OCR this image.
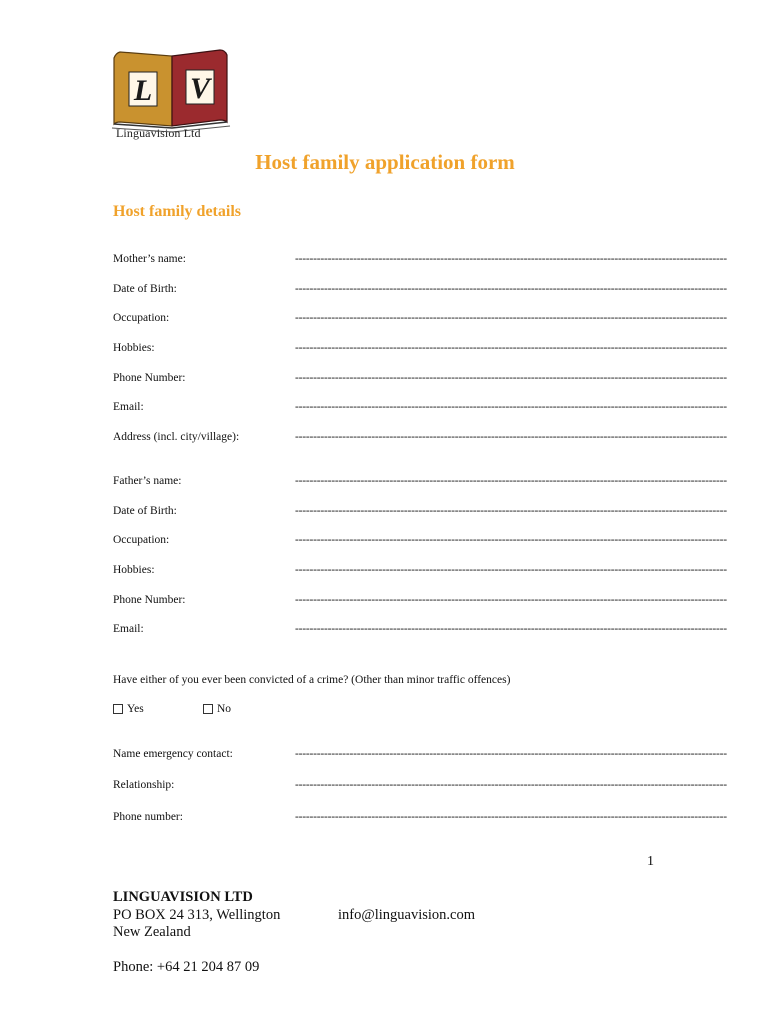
L V
Linguavision Ltd
Host family application form
Host family details
Mother’s name:	-----------------------------------------------------------------------------------------------------------------------
Date of Birth:	-----------------------------------------------------------------------------------------------------------------------
Occupation:	-----------------------------------------------------------------------------------------------------------------------
Hobbies:	-----------------------------------------------------------------------------------------------------------------------
Phone Number:	-----------------------------------------------------------------------------------------------------------------------
Email:	-----------------------------------------------------------------------------------------------------------------------
Address (incl. city/village):	-----------------------------------------------------------------------------------------------------------------------
Father’s name:	-----------------------------------------------------------------------------------------------------------------------
Date of Birth:	-----------------------------------------------------------------------------------------------------------------------
Occupation:	-----------------------------------------------------------------------------------------------------------------------
Hobbies:	-----------------------------------------------------------------------------------------------------------------------
Phone Number:	-----------------------------------------------------------------------------------------------------------------------
Email:	-----------------------------------------------------------------------------------------------------------------------
Have either of you ever been convicted of a crime? (Other than minor traffic offences)
Yes	No
Name emergency contact:	-----------------------------------------------------------------------------------------------------------------------
Relationship:	-----------------------------------------------------------------------------------------------------------------------
Phone number:	-----------------------------------------------------------------------------------------------------------------------
1
LINGUAVISION LTD
PO BOX 24 313, Wellington
New Zealand
info@linguavision.com
Phone: +64 21 204 87 09
